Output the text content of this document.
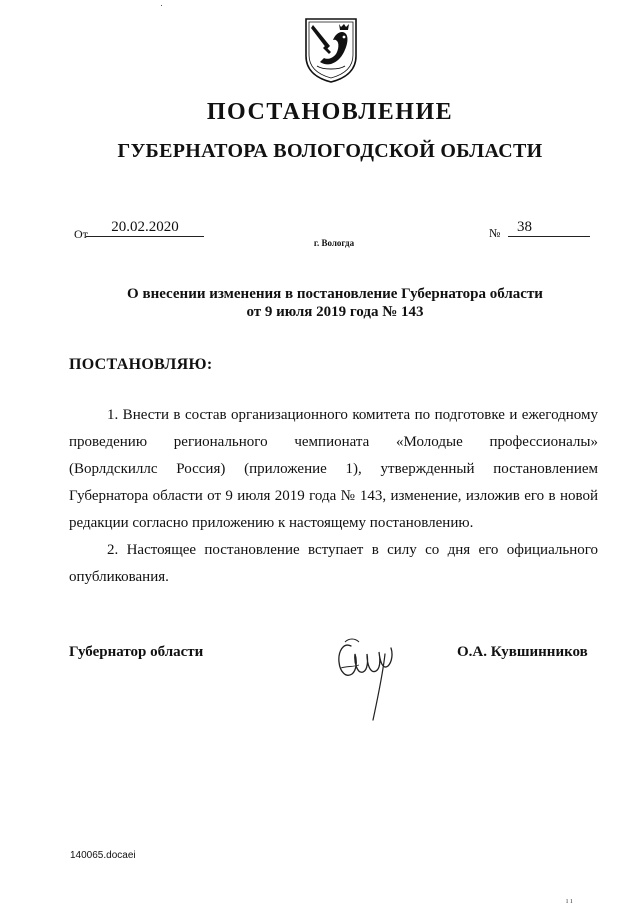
ПОСТАНОВЛЕНИЕ
ГУБЕРНАТОРА ВОЛОГОДСКОЙ ОБЛАСТИ
От	20.02.2020	№	38
г. Вологда
О внесении изменения в постановление Губернатора области
от 9 июля 2019 года № 143
ПОСТАНОВЛЯЮ:
1. Внести в состав организационного комитета по подготовке и ежегодному проведению регионального чемпионата «Молодые профессионалы» (Ворлдскиллс Россия) (приложение 1), утвержденный постановлением Губернатора области от 9 июля 2019 года № 143, изменение, изложив его в новой редакции согласно приложению к настоящему постановлению.
2. Настоящее постановление вступает в силу со дня его официального опубликования.
Губернатор области	О.А. Кувшинников
140065.docaei
ı ı
